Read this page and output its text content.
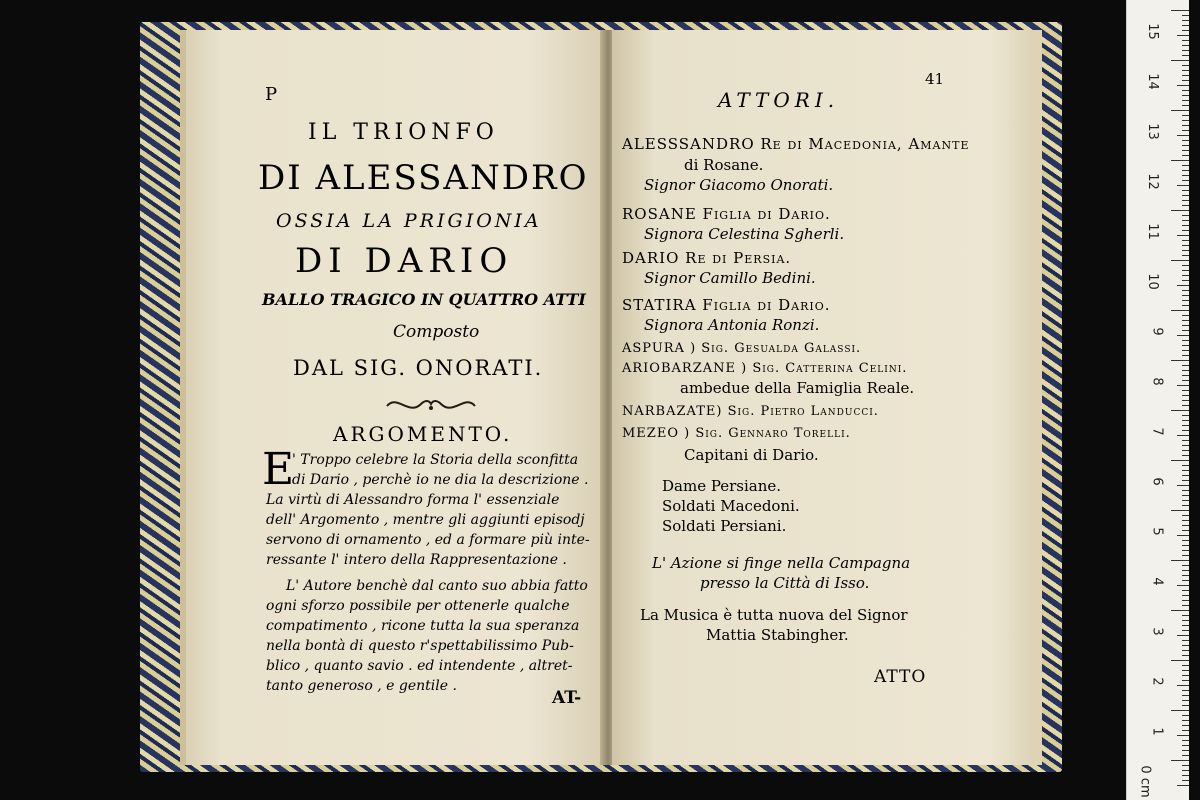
P
IL TRIONFO
DI ALESSANDRO
OSSIA LA PRIGIONIA
DI DARIO
BALLO TRAGICO IN QUATTRO ATTI
Composto
DAL SIG. ONORATI.
ARGOMENTO.
E
' Troppo celebre la Storia della sconfitta
di Dario , perchè io ne dia la descrizione .
La virtù di Alessandro forma l' essenziale
dell' Argomento , mentre gli aggiunti episodj
servono di ornamento , ed a formare più inte-
ressante l' intero della Rappresentazione .
L' Autore benchè dal canto suo abbia fatto
ogni sforzo possibile per ottenerle qualche
compatimento , ricone tutta la sua speranza
nella bontà di questo r'spettabilissimo Pub-
blico , quanto savio . ed intendente , altret-
tanto generoso , e gentile .
AT-
41
ATTORI.
ALESSSANDRO Re di Macedonia, Amante
di Rosane.
Signor Giacomo Onorati.
ROSANE Figlia di Dario.
Signora Celestina Sgherli.
DARIO Re di Persia.
Signor Camillo Bedini.
STATIRA Figlia di Dario.
Signora Antonia Ronzi.
ASPURA ) Sig. Gesualda Galassi.
ARIOBARZANE ) Sig. Catterina Celini.
ambedue della Famiglia Reale.
NARBAZATE) Sig. Pietro Landucci.
MEZEO ) Sig. Gennaro Torelli.
Capitani di Dario.
Dame Persiane.
Soldati Macedoni.
Soldati Persiani.
L' Azione si finge nella Campagna
presso la Città di Isso.
La Musica è tutta nuova del Signor
Mattia Stabingher.
ATTO
15
14
13
12
11
10
9
8
7
6
5
4
3
2
1
0 cm
